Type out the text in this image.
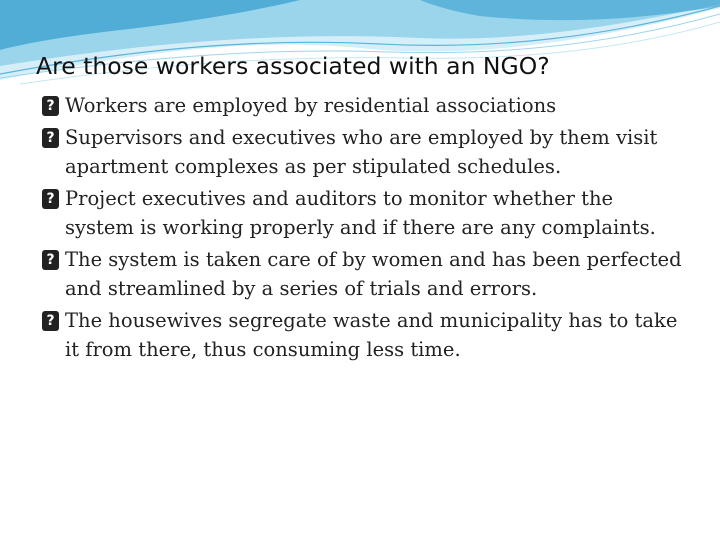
Are those workers associated with an NGO?
? Workers are employed by residential associations
? Supervisors and executives who are employed by them visit apartment complexes as per stipulated schedules.
? Project executives and auditors to monitor whether the system is working properly and if there are any complaints.
? The system is taken care of by women and has been perfected and streamlined by a series of trials and errors.
? The housewives segregate waste and municipality has to take it from there, thus consuming less time.
